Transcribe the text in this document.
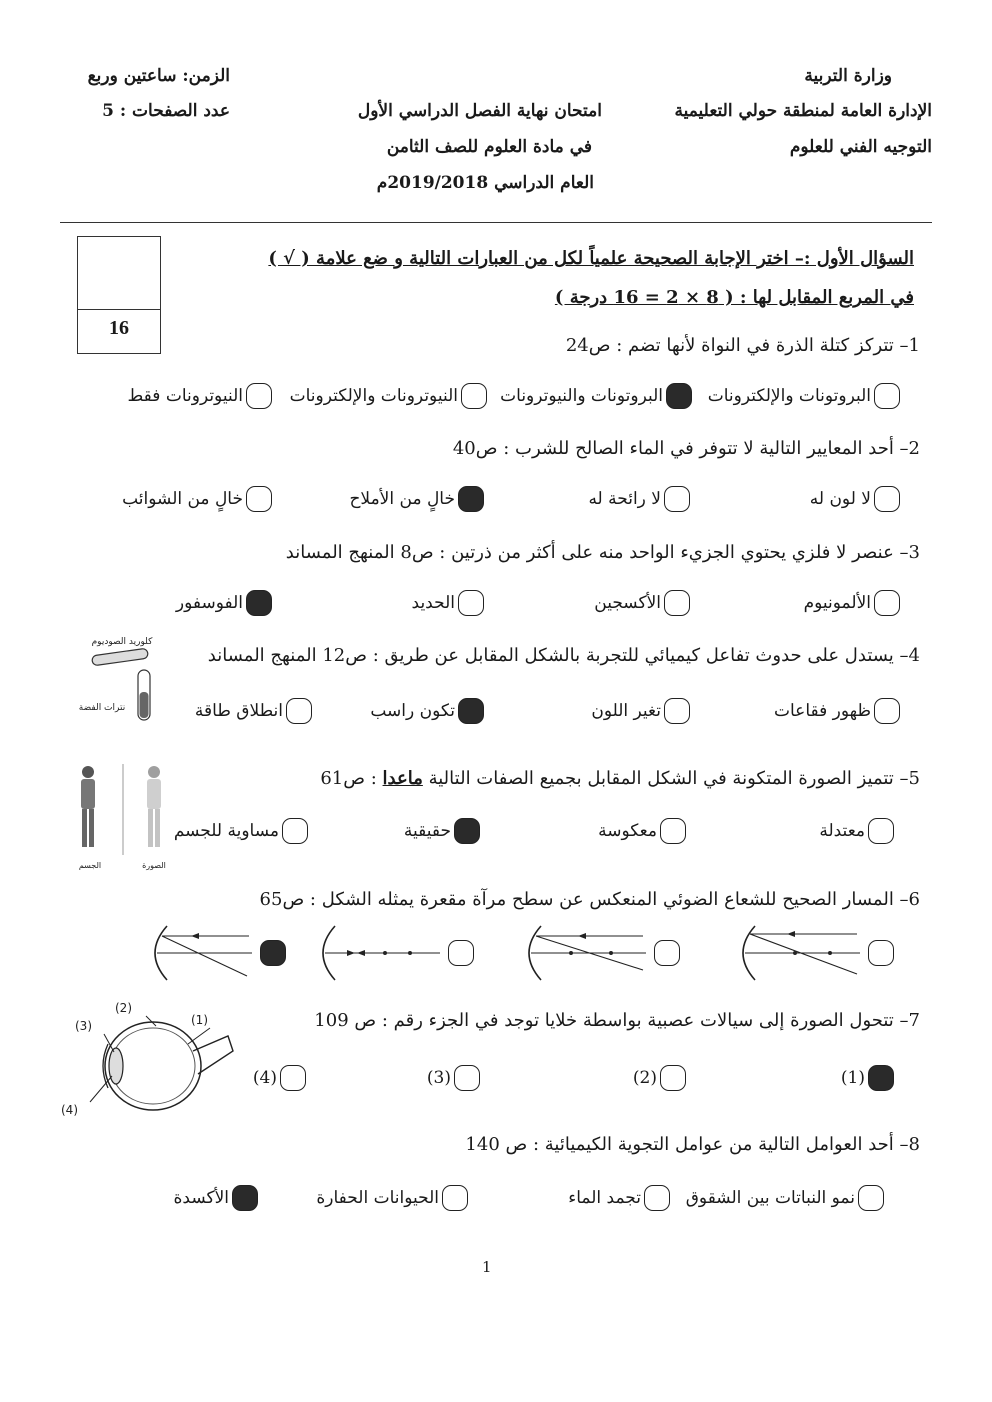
وزارة التربية
الإدارة العامة لمنطقة حولي التعليمية
التوجيه الفني للعلوم
امتحان نهاية الفصل الدراسي الأول
في مادة العلوم للصف الثامن
العام الدراسي 2019/2018م
الزمن: ساعتين وربع
عدد الصفحات : 5
16
السؤال الأول :– اختر الإجابة الصحيحة علمياً لكل من العبارات التالية و ضع علامة ( √ )
في المربع المقابل لها : ( 8 × 2 = 16 درجة )
1– تتركز كتلة الذرة في النواة لأنها تضم : ص24
البروتونات والإلكترونات
البروتونات والنيوترونات
النيوترونات والإلكترونات
النيوترونات فقط
2– أحد المعايير التالية لا تتوفر في الماء الصالح للشرب : ص40
لا لون له
لا رائحة له
خالٍ من الأملاح
خالٍ من الشوائب
3– عنصر لا فلزي يحتوي الجزيء الواحد منه على أكثر من ذرتين : ص8 المنهج المساند
الألمونيوم
الأكسجين
الحديد
الفوسفور
4– يستدل على حدوث تفاعل كيميائي للتجربة بالشكل المقابل عن طريق : ص12 المنهج المساند
ظهور فقاعات
تغير اللون
تكون راسب
انطلاق طاقة
كلوريد الصوديوم
نترات الفضة
5– تتميز الصورة المتكونة في الشكل المقابل بجميع الصفات التالية ماعدا : ص61
معتدلة
معكوسة
حقيقية
مساوية للجسم
الصورة
الجسم
6– المسار الصحيح للشعاع الضوئي المنعكس عن سطح مرآة مقعرة يمثله الشكل : ص65
7– تتحول الصورة إلى سيالات عصبية بواسطة خلايا توجد في الجزء رقم : ص 109
(1)
(2)
(3)
(4)
(1)
(2)
(3)
(4)
8– أحد العوامل التالية من عوامل التجوية الكيميائية : ص 140
نمو النباتات بين الشقوق
تجمد الماء
الحيوانات الحفارة
الأكسدة
1
